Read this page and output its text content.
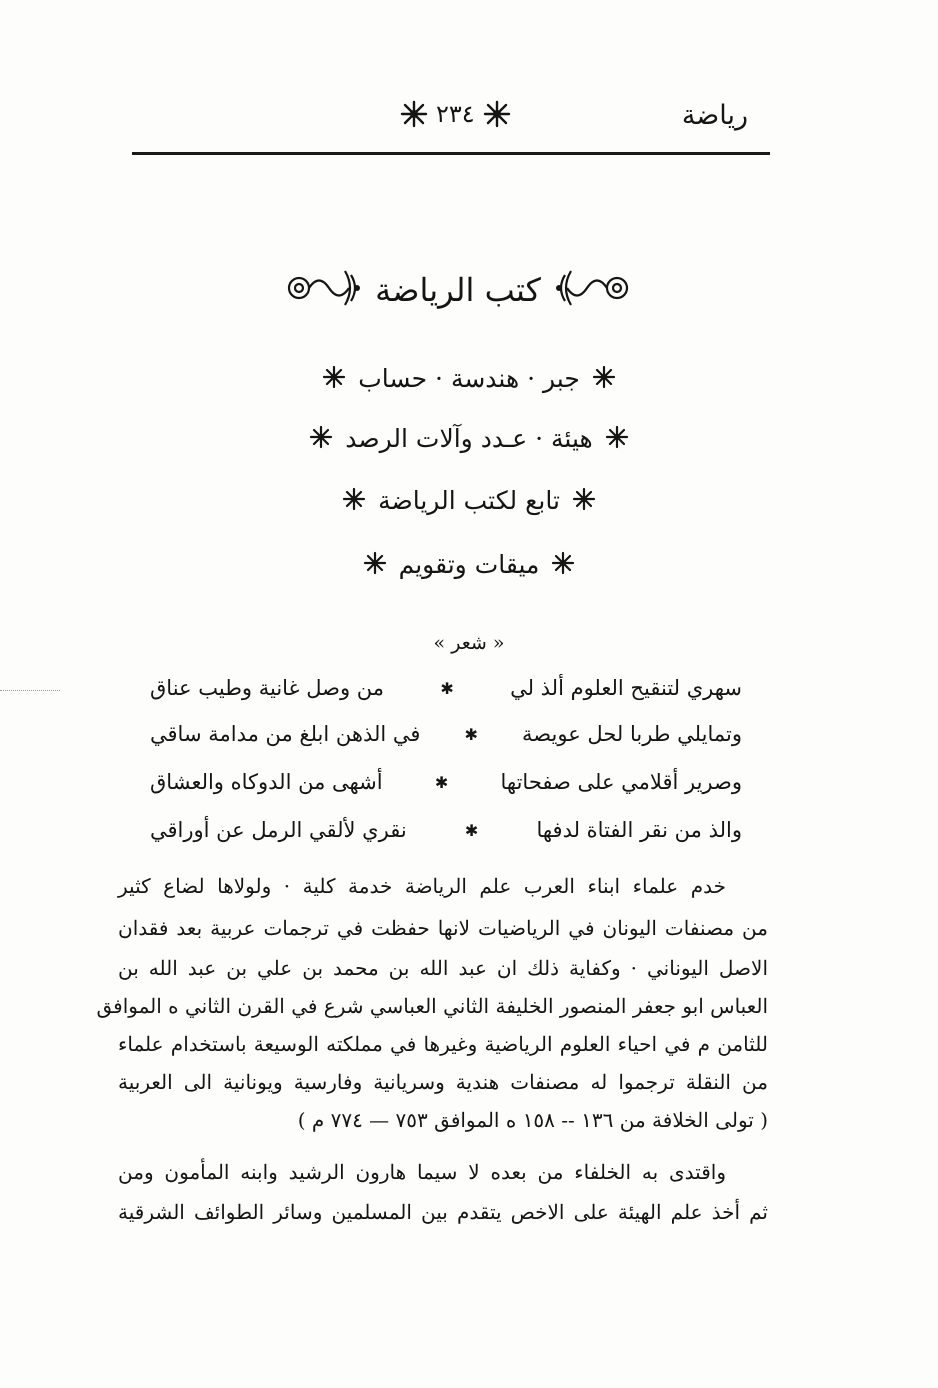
رياضة
٢٣٤
كتب الرياضة
جبر · هندسة · حساب
هيئة · عـدد وآلات الرصد
تابع لكتب الرياضة
ميقات وتقويم
« شعر »
سهري لتنقيح العلوم ألذ لي
✱
من وصل غانية وطيب عناق
وتمايلي طربا لحل عويصة
✱
في الذهن ابلغ من مدامة ساقي
وصرير أقلامي على صفحاتها
✱
أشهى من الدوكاه والعشاق
والذ من نقر الفتاة لدفها
✱
نقري لألقي الرمل عن أوراقي
خدم علماء ابناء العرب علم الرياضة خدمة كلية · ولولاها لضاع كثير
من مصنفات اليونان في الرياضيات لانها حفظت في ترجمات عربية بعد فقدان
الاصل اليوناني · وكفاية ذلك ان عبد الله بن محمد بن علي بن عبد الله بن
العباس ابو جعفر المنصور الخليفة الثاني العباسي شرع في القرن الثاني ه الموافق
للثامن م في احياء العلوم الرياضية وغيرها في مملكته الوسيعة باستخدام علماء
من النقلة ترجموا له مصنفات هندية وسريانية وفارسية ويونانية الى العربية
( تولى الخلافة من ١٣٦ -- ١٥٨ ه الموافق ٧٥٣ — ٧٧٤ م )
واقتدى به الخلفاء من بعده لا سيما هارون الرشيد وابنه المأمون ومن
ثم أخذ علم الهيئة على الاخص يتقدم بين المسلمين وسائر الطوائف الشرقية
